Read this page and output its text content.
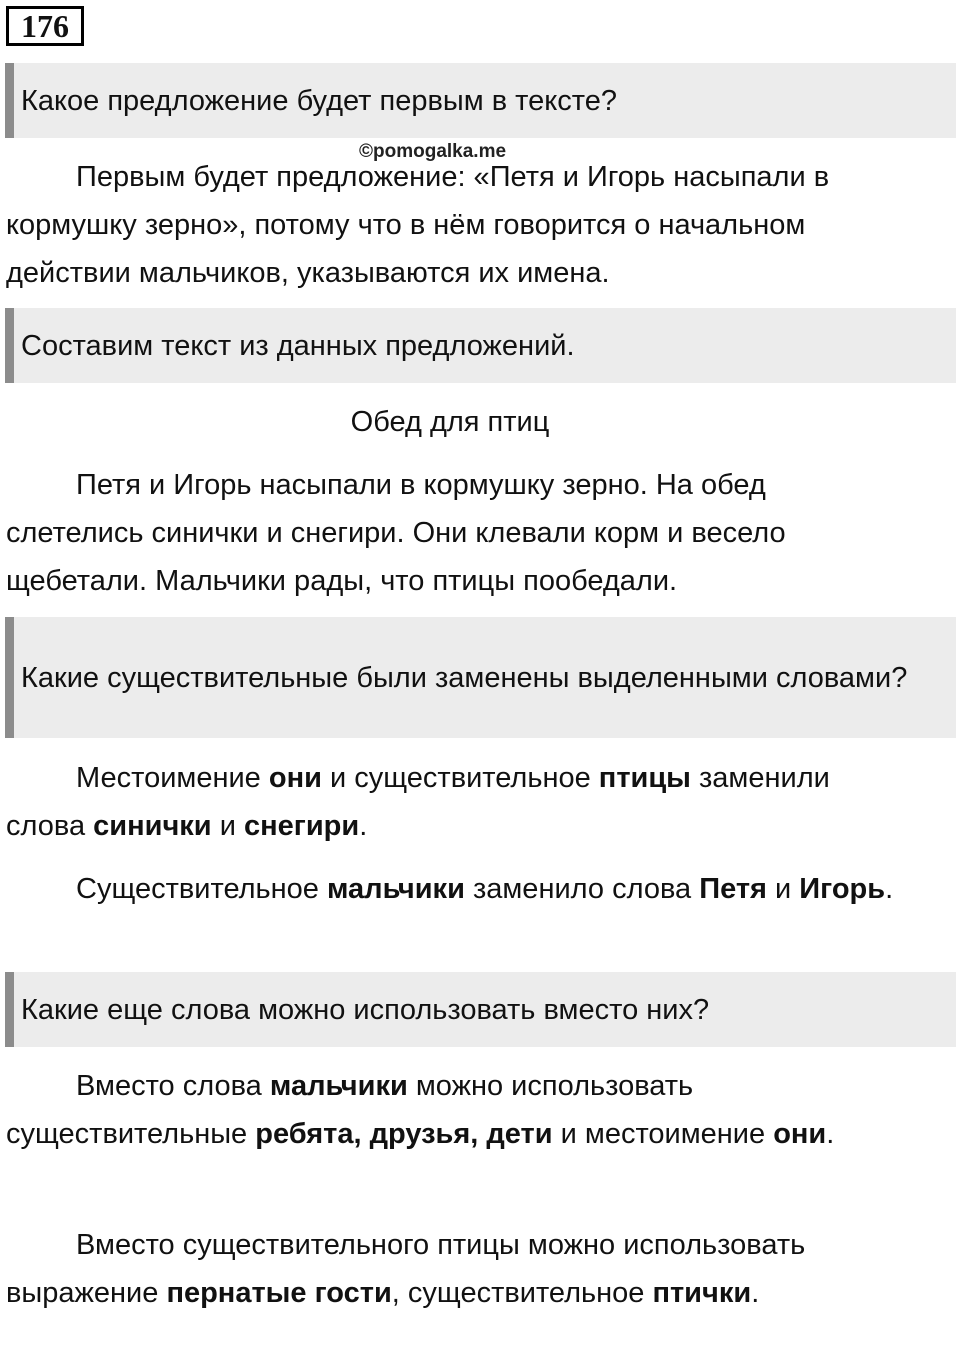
176

Какое предложение будет первым в тексте?

©pomogalka.me

Первым будет предложение: «Петя и Игорь насыпали в кормушку зерно», потому что в нём говорится о начальном действии мальчиков, указываются их имена.

Составим текст из данных предложений.

Обед для птиц

Петя и Игорь насыпали в кормушку зерно. На обед слетелись синички и снегири. Они клевали корм и весело щебетали. Мальчики рады, что птицы пообедали.

Какие существительные были заменены выделенными словами?

Местоимение они и существительное птицы заменили слова синички и снегири.

Существительное мальчики заменило слова Петя и Игорь.

Какие еще слова можно использовать вместо них?

Вместо слова мальчики можно использовать существительные ребята, друзья, дети и местоимение они.

Вместо существительного птицы можно использовать выражение пернатые гости, существительное птички.
